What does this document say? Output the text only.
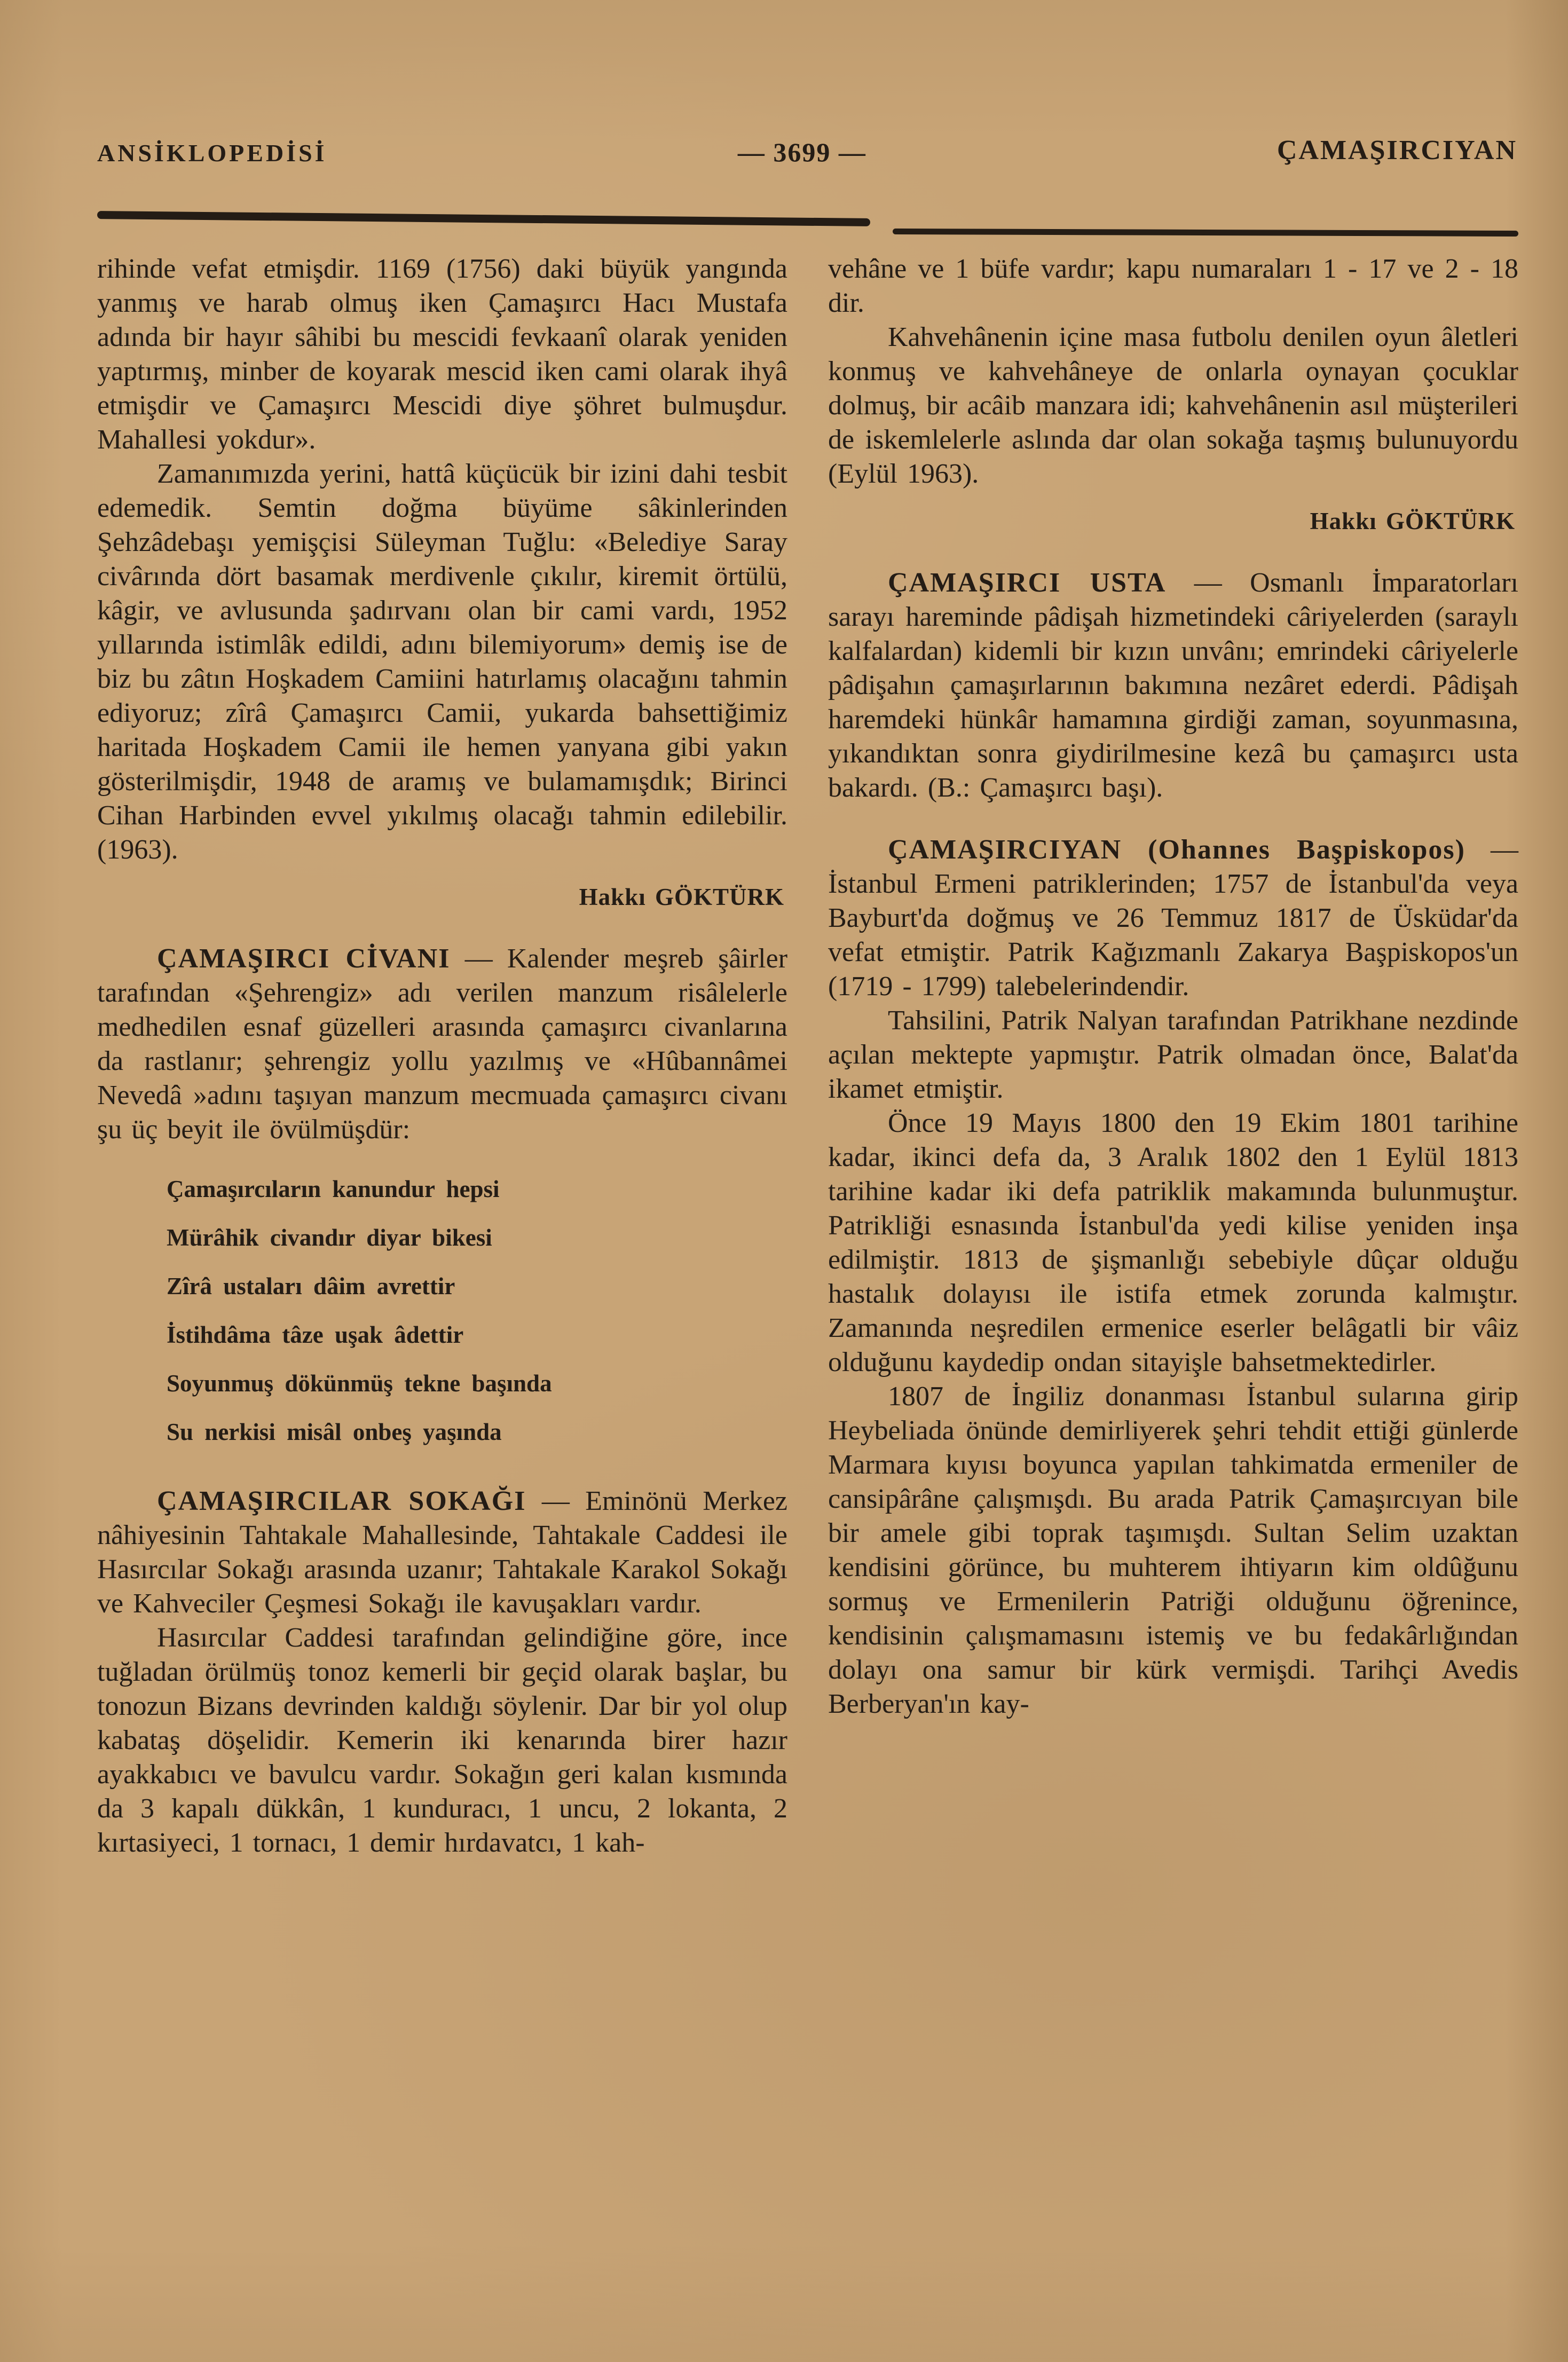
ANSİKLOPEDİSİ	— 3699 —	ÇAMAŞIRCIYAN

rihinde vefat etmişdir. 1169 (1756) daki büyük yangında yanmış ve harab olmuş iken Çamaşırcı Hacı Mustafa adında bir hayır sâhibi bu mescidi fevkaanî olarak yeniden yaptırmış, minber de koyarak mescid iken cami olarak ihyâ etmişdir ve Çamaşırcı Mescidi diye şöhret bulmuşdur. Mahallesi yokdur».

Zamanımızda yerini, hattâ küçücük bir izini dahi tesbit edemedik. Semtin doğma büyüme sâkinlerinden Şehzâdebaşı yemişçisi Süleyman Tuğlu: «Belediye Saray civârında dört basamak merdivenle çıkılır, kiremit örtülü, kâgir, ve avlusunda şadırvanı olan bir cami vardı, 1952 yıllarında istimlâk edildi, adını bilemiyorum» demiş ise de biz bu zâtın Hoşkadem Camiini hatırlamış olacağını tahmin ediyoruz; zîrâ Çamaşırcı Camii, yukarda bahsettiğimiz haritada Hoşkadem Camii ile hemen yanyana gibi yakın gösterilmişdir, 1948 de aramış ve bulamamışdık; Birinci Cihan Harbinden evvel yıkılmış olacağı tahmin edilebilir. (1963).

Hakkı GÖKTÜRK

ÇAMAŞIRCI CİVANI — Kalender meşreb şâirler tarafından «Şehrengiz» adı verilen manzum risâlelerle medhedilen esnaf güzelleri arasında çamaşırcı civanlarına da rastlanır; şehrengiz yollu yazılmış ve «Hûbannâmei Nevedâ »adını taşıyan manzum mecmuada çamaşırcı civanı şu üç beyit ile övülmüşdür:

Çamaşırcıların kanundur hepsi
Mürâhik civandır diyar bikesi
Zîrâ ustaları dâim avrettir
İstihdâma tâze uşak âdettir
Soyunmuş dökünmüş tekne başında
Su nerkisi misâl onbeş yaşında

ÇAMAŞIRCILAR SOKAĞI — Eminönü Merkez nâhiyesinin Tahtakale Mahallesinde, Tahtakale Caddesi ile Hasırcılar Sokağı arasında uzanır; Tahtakale Karakol Sokağı ve Kahveciler Çeşmesi Sokağı ile kavuşakları vardır.

Hasırcılar Caddesi tarafından gelindiğine göre, ince tuğladan örülmüş tonoz kemerli bir geçid olarak başlar, bu tonozun Bizans devrinden kaldığı söylenir. Dar bir yol olup kabataş döşelidir. Kemerin iki kenarında birer hazır ayakkabıcı ve bavulcu vardır. Sokağın geri kalan kısmında da 3 kapalı dükkân, 1 kunduracı, 1 uncu, 2 lokanta, 2 kırtasiyeci, 1 tornacı, 1 demir hırdavatcı, 1 kah-

vehâne ve 1 büfe vardır; kapu numaraları 1 - 17 ve 2 - 18 dir.

Kahvehânenin içine masa futbolu denilen oyun âletleri konmuş ve kahvehâneye de onlarla oynayan çocuklar dolmuş, bir acâib manzara idi; kahvehânenin asıl müşterileri de iskemlelerle aslında dar olan sokağa taşmış bulunuyordu (Eylül 1963).

Hakkı GÖKTÜRK

ÇAMAŞIRCI USTA — Osmanlı İmparatorları sarayı hareminde pâdişah hizmetindeki câriyelerden (saraylı kalfalardan) kidemli bir kızın unvânı; emrindeki câriyelerle pâdişahın çamaşırlarının bakımına nezâret ederdi. Pâdişah haremdeki hünkâr hamamına girdiği zaman, soyunmasına, yıkandıktan sonra giydirilmesine kezâ bu çamaşırcı usta bakardı. (B.: Çamaşırcı başı).

ÇAMAŞIRCIYAN (Ohannes Başpiskopos) — İstanbul Ermeni patriklerinden; 1757 de İstanbul'da veya Bayburt'da doğmuş ve 26 Temmuz 1817 de Üsküdar'da vefat etmiştir. Patrik Kağızmanlı Zakarya Başpiskopos'un (1719 - 1799) talebelerindendir.

Tahsilini, Patrik Nalyan tarafından Patrikhane nezdinde açılan mektepte yapmıştır. Patrik olmadan önce, Balat'da ikamet etmiştir.

Önce 19 Mayıs 1800 den 19 Ekim 1801 tarihine kadar, ikinci defa da, 3 Aralık 1802 den 1 Eylül 1813 tarihine kadar iki defa patriklik makamında bulunmuştur. Patrikliği esnasında İstanbul'da yedi kilise yeniden inşa edilmiştir. 1813 de şişmanlığı sebebiyle dûçar olduğu hastalık dolayısı ile istifa etmek zorunda kalmıştır. Zamanında neşredilen ermenice eserler belâgatli bir vâiz olduğunu kaydedip ondan sitayişle bahsetmektedirler.

1807 de İngiliz donanması İstanbul sularına girip Heybeliada önünde demirliyerek şehri tehdit ettiği günlerde Marmara kıyısı boyunca yapılan tahkimatda ermeniler de cansipârâne çalışmışdı. Bu arada Patrik Çamaşırcıyan bile bir amele gibi toprak taşımışdı. Sultan Selim uzaktan kendisini görünce, bu muhterem ihtiyarın kim oldûğunu sormuş ve Ermenilerin Patriği olduğunu öğrenince, kendisinin çalışmamasını istemiş ve bu fedakârlığından dolayı ona samur bir kürk vermişdi. Tarihçi Avedis Berberyan'ın kay-
